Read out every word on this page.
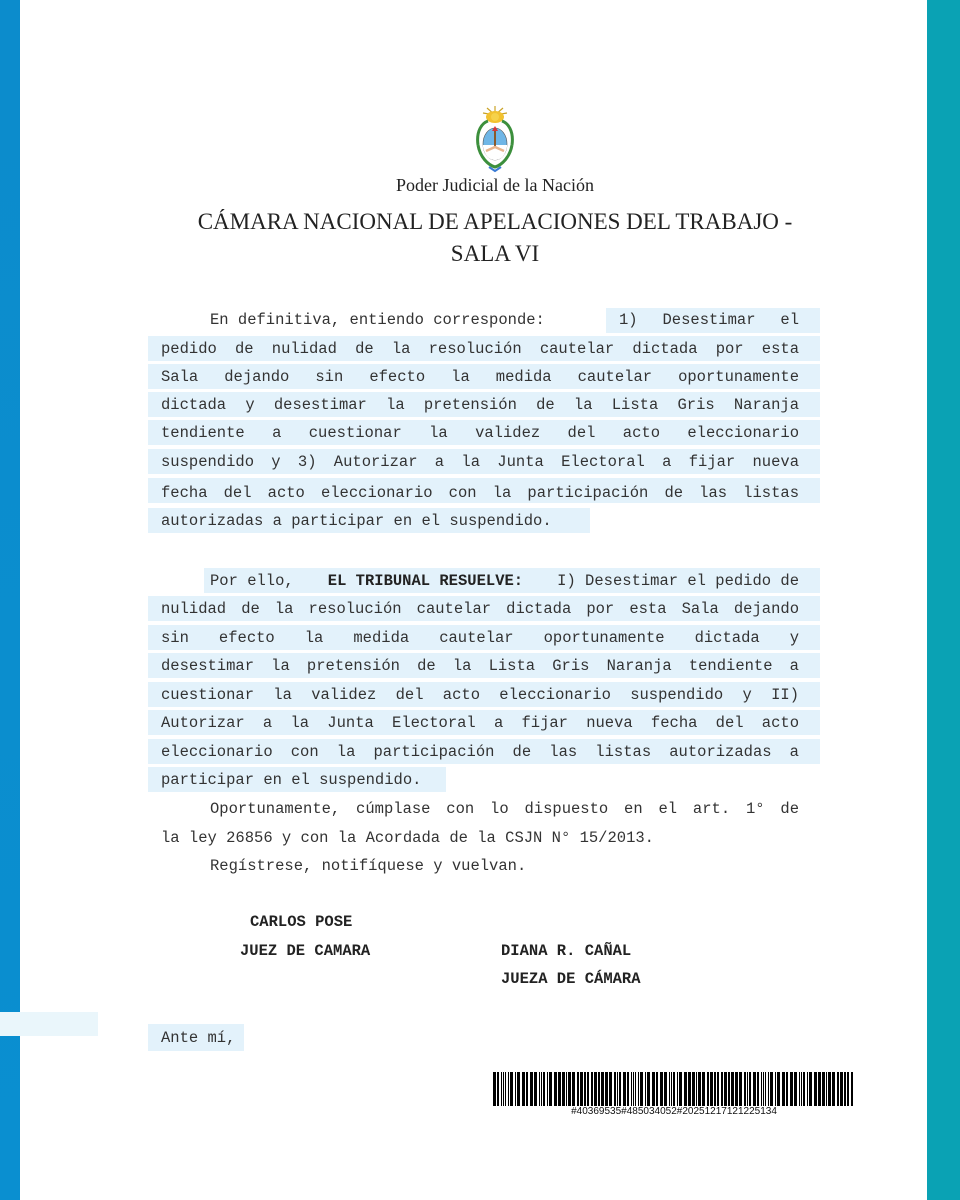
Poder Judicial de la Nación
CÁMARA NACIONAL DE APELACIONES DEL TRABAJO -
SALA VI
En definitiva, entiendo corresponde:	1) Desestimar el
pedido de nulidad de la resolución cautelar dictada por esta
Sala dejando sin efecto la medida cautelar oportunamente
dictada y desestimar la pretensión de la Lista Gris Naranja
tendiente a cuestionar la validez del acto eleccionario
suspendido y 3) Autorizar a la Junta Electoral a fijar nueva
fecha del acto eleccionario con la participación de las listas
autorizadas a participar en el suspendido.
Por ello, EL TRIBUNAL RESUELVE: I) Desestimar el pedido de
nulidad de la resolución cautelar dictada por esta Sala dejando
sin efecto la medida cautelar oportunamente dictada y
desestimar la pretensión de la Lista Gris Naranja tendiente a
cuestionar la validez del acto eleccionario suspendido y II)
Autorizar a la Junta Electoral a fijar nueva fecha del acto
eleccionario con la participación de las listas autorizadas a
participar en el suspendido.
Oportunamente, cúmplase con lo dispuesto en el art. 1° de
la ley 26856 y con la Acordada de la CSJN N° 15/2013.
Regístrese, notifíquese y vuelvan.
CARLOS POSE
JUEZ DE CAMARA	DIANA R. CAÑAL
JUEZA DE CÁMARA
Ante mí,
#40369535#485034052#20251217121225134
